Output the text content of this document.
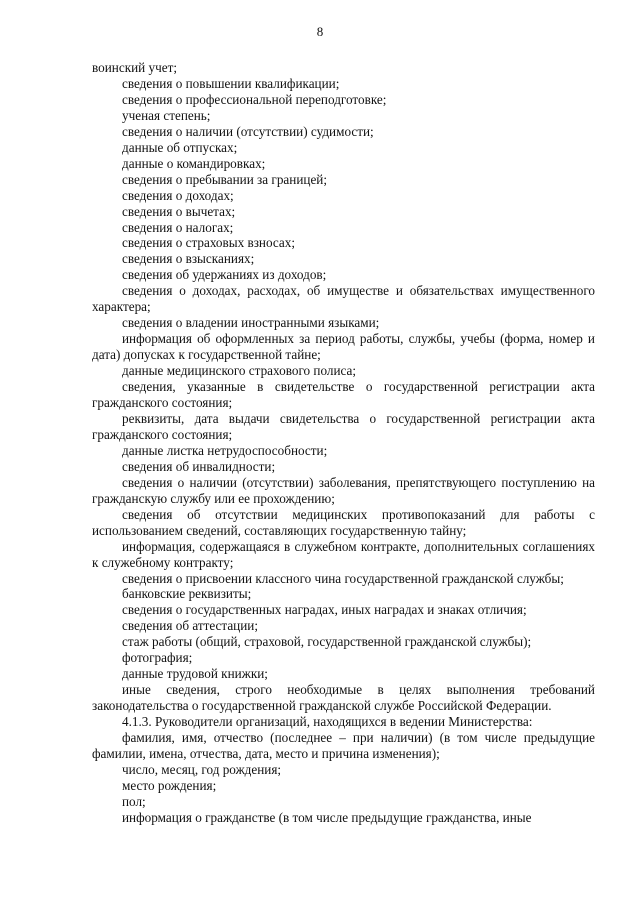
8

воинский учет;

сведения о повышении квалификации;

сведения о профессиональной переподготовке;

ученая степень;

сведения о наличии (отсутствии) судимости;

данные об отпусках;

данные о командировках;

сведения о пребывании за границей;

сведения о доходах;

сведения о вычетах;

сведения о налогах;

сведения о страховых взносах;

сведения о взысканиях;

сведения об удержаниях из доходов;

сведения о доходах, расходах, об имуществе и обязательствах имущественного характера;

сведения о владении иностранными языками;

информация об оформленных за период работы, службы, учебы (форма, номер и дата) допусках к государственной тайне;

данные медицинского страхового полиса;

сведения, указанные в свидетельстве о государственной регистрации акта гражданского состояния;

реквизиты, дата выдачи свидетельства о государственной регистрации акта гражданского состояния;

данные листка нетрудоспособности;

сведения об инвалидности;

сведения о наличии (отсутствии) заболевания, препятствующего поступлению на гражданскую службу или ее прохождению;

сведения об отсутствии медицинских противопоказаний для работы с использованием сведений, составляющих государственную тайну;

информация, содержащаяся в служебном контракте, дополнительных соглашениях к служебному контракту;

сведения о присвоении классного чина государственной гражданской службы;

банковские реквизиты;

сведения о государственных наградах, иных наградах и знаках отличия;

сведения об аттестации;

стаж работы (общий, страховой, государственной гражданской службы);

фотография;

данные трудовой книжки;

иные сведения, строго необходимые в целях выполнения требований законодательства о государственной гражданской службе Российской Федерации.

4.1.3. Руководители организаций, находящихся в ведении Министерства:

фамилия, имя, отчество (последнее – при наличии) (в том числе предыдущие фамилии, имена, отчества, дата, место и причина изменения);

число, месяц, год рождения;

место рождения;

пол;

информация о гражданстве (в том числе предыдущие гражданства, иные
